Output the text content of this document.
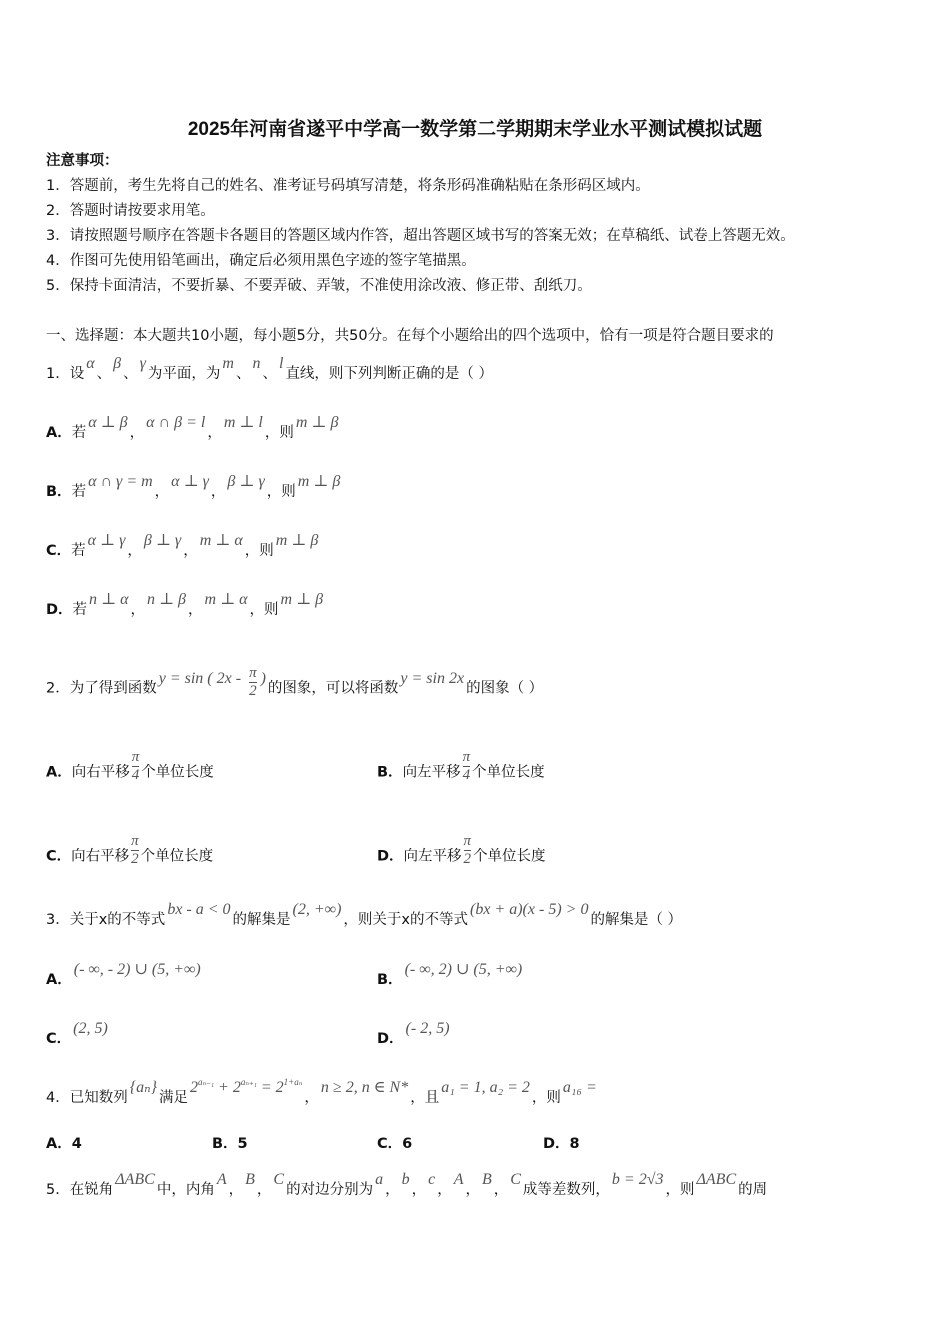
2025年河南省遂平中学高一数学第二学期期末学业水平测试模拟试题
注意事项：
1．答题前，考生先将自己的姓名、准考证号码填写清楚，将条形码准确粘贴在条形码区域内。
2．答题时请按要求用笔。
3．请按照题号顺序在答题卡各题目的答题区域内作答，超出答题区域书写的答案无效；在草稿纸、试卷上答题无效。
4．作图可先使用铅笔画出，确定后必须用黑色字迹的签字笔描黑。
5．保持卡面清洁，不要折暴、不要弄破、弄皱，不准使用涂改液、修正带、刮纸刀。
一、选择题：本大题共10小题，每小题5分，共50分。在每个小题给出的四个选项中，恰有一项是符合题目要求的
1．设α、β、γ为平面，为m、n、l直线，则下列判断正确的是（ ）
A．若α ⊥ β，α ∩ β = l，m ⊥ l，则m ⊥ β
B．若α ∩ γ = m，α ⊥ γ，β ⊥ γ，则m ⊥ β
C．若α ⊥ γ，β ⊥ γ，m ⊥ α，则m ⊥ β
D．若n ⊥ α，n ⊥ β，m ⊥ α，则m ⊥ β
2．为了得到函数y = sin ( $2x - \frac{\pi}{2}$ )的图象，可以将函数y = sin 2x的图象（ ）
A．向右平移 $\frac{\pi}{4}$ 个单位长度	B．向左平移 $\frac{\pi}{4}$ 个单位长度
C．向右平移 $\frac{\pi}{2}$ 个单位长度	D．向左平移 $\frac{\pi}{2}$ 个单位长度
3．关于x的不等式bx - a < 0的解集是(2, +∞)，则关于x的不等式(bx + a)(x - 5) > 0的解集是（ ）
A．(- ∞, - 2) ∪ (5, +∞)
B．(- ∞, 2) ∪ (5, +∞)
C．(2, 5)
D．(- 2, 5)
4．已知数列{aₙ}满足$2^{a_{n-1}} + 2^{a_{n+1}} = 2^{1+a_n}$，n ≥ 2, n ∈ N*，且a₁ = 1, a₂ = 2，则a₁₆ =
A．4	B．5	C．6	D．8
5．在锐角ΔABC中，内角A，B，C的对边分别为a，b，c，A，B，C成等差数列，b = 2√3，则ΔABC的周
